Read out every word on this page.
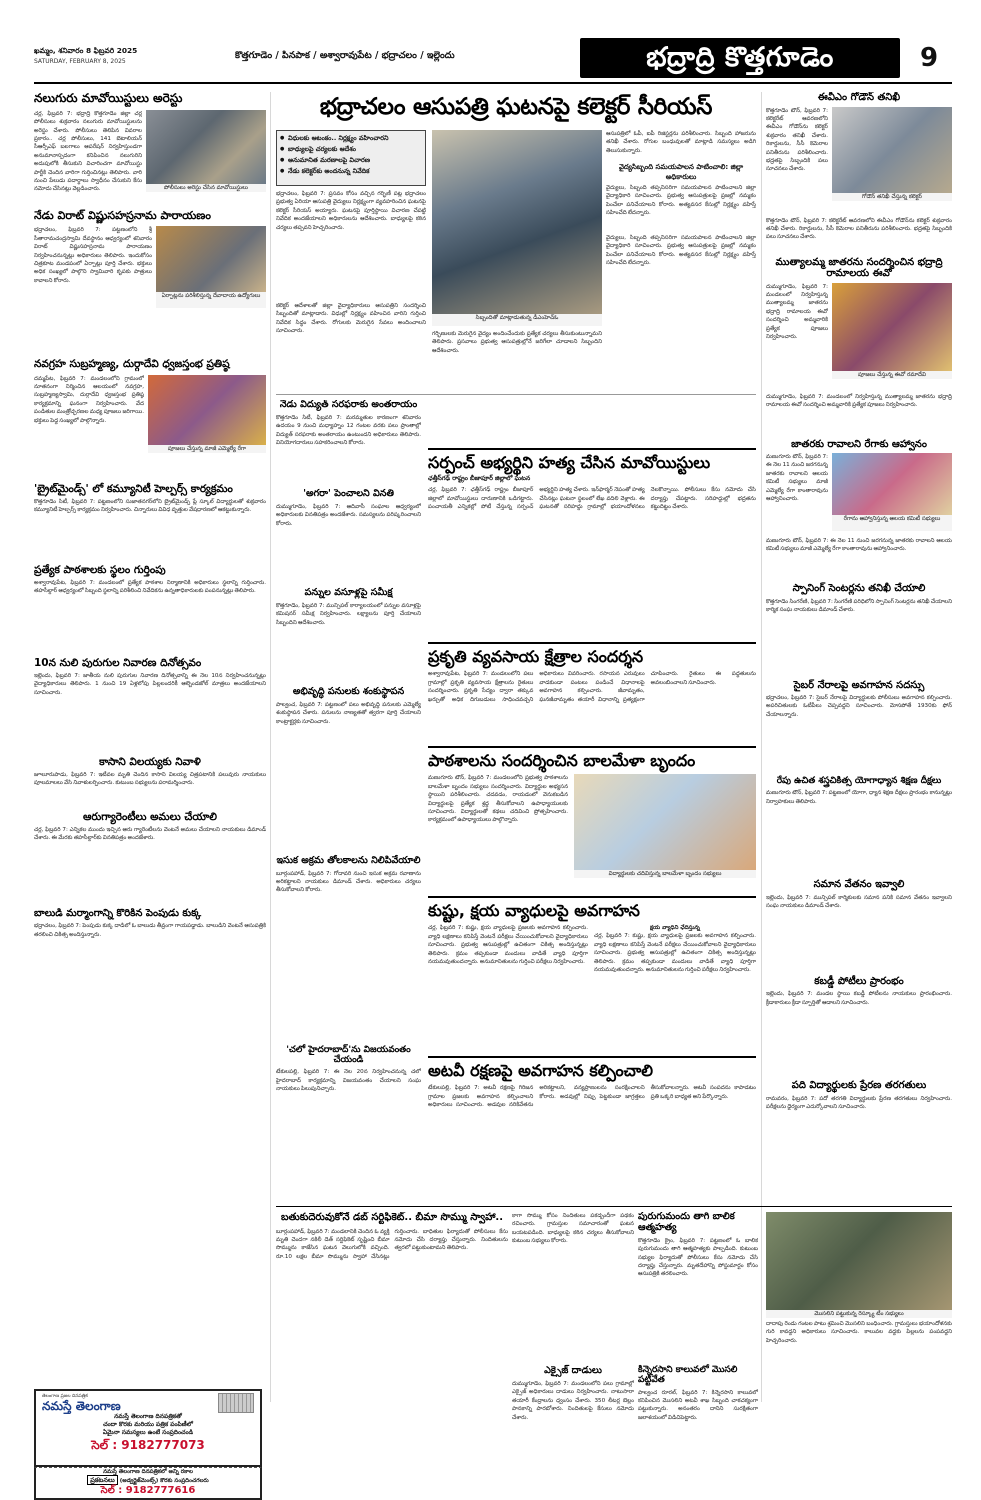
ఖమ్మం, శనివారం 8 ఫిబ్రవరి 2025
SATURDAY, FEBRUARY 8, 2025
కొత్తగూడెం / పినపాక / అశ్వారావుపేట / భద్రాచలం / ఇల్లెందు	భద్రాద్రి కొత్తగూడెం	9
నలుగురు మావోయిస్టులు అరెస్టు

చర్ల, ఫిబ్రవరి 7: భద్రాద్రి కొత్తగూడెం జిల్లా చర్ల పోలీసులు శుక్రవారం నలుగురు మావోయిస్టులను అరెస్టు చేశారు. పోలీసులు తెలిపిన వివరాల ప్రకారం.. చర్ల పోలీసులు, 141 బెటాలియన్ సీఆర్పీఎఫ్ బలగాలు ఆపరేషన్ నిర్వహిస్తుండగా అనుమానాస్పదంగా కనిపించిన నలుగురిని అదుపులోకి తీసుకుని విచారించగా మావోయిస్టు పార్టీకి చెందిన వారిగా గుర్తించినట్లు తెలిపారు. వారి నుంచి పేలుడు పదార్థాలు స్వాధీనం చేసుకుని కేసు నమోదు చేసినట్లు వెల్లడించారు.	పోలీసులు అరెస్టు చేసిన మావోయిస్టులు
నేడు విరాట్ విష్ణుసహస్రనామ పారాయణం

భద్రాచలం, ఫిబ్రవరి 7: పట్టణంలోని శ్రీ సీతారామచంద్రస్వామి దేవస్థానం ఆధ్వర్యంలో శనివారం విరాట్ విష్ణుసహస్రనామ పారాయణం నిర్వహించనున్నట్లు అధికారులు తెలిపారు. ఇందుకోసం చిత్రకూట మండపంలో ఏర్పాట్లు పూర్తి చేశారు. భక్తులు అధిక సంఖ్యలో పాల్గొని స్వామివారి కృపకు పాత్రులు కావాలని కోరారు.

ఏర్పాట్లను పరిశీలిస్తున్న దేవాదాయ ఉద్యోగులు
నవగ్రహ సుబ్రహ్మణ్య, దుర్గాదేవి ధ్వజస్తంభ ప్రతిష్ఠ

దమ్మపేట, ఫిబ్రవరి 7: మండలంలోని గ్రామంలో నూతనంగా నిర్మించిన ఆలయంలో నవగ్రహ, సుబ్రహ్మణ్యస్వామి, దుర్గాదేవి ధ్వజస్తంభ ప్రతిష్ఠ కార్యక్రమాన్ని ఘనంగా నిర్వహించారు. వేద పండితుల మంత్రోచ్ఛరణల మధ్య పూజలు జరిగాయి. భక్తులు పెద్ద సంఖ్యలో పాల్గొన్నారు.

పూజలు చేస్తున్న మాజీ ఎమ్మెల్యే రేగా
'బ్రైట్‌మైండ్స్' లో కమ్యూనిటీ హెల్పర్స్ కార్యక్రమం

కొత్తగూడెం సిటీ, ఫిబ్రవరి 7: పట్టణంలోని సుజాతనగర్‌లోని బ్రైట్‌మైండ్స్ ప్లే స్కూల్ విద్యార్థులతో శుక్రవారం కమ్యూనిటీ హెల్పర్స్ కార్యక్రమం నిర్వహించారు. చిన్నారులు వివిధ వృత్తుల వేషధారణలో ఆకట్టుకున్నారు.

ప్రత్యేక పాఠశాలకు స్థలం గుర్తింపు

అశ్వారావుపేట, ఫిబ్రవరి 7: మండలంలో ప్రత్యేక పాఠశాల నిర్మాణానికి అధికారులు స్థలాన్ని గుర్తించారు. తహసీల్దార్ ఆధ్వర్యంలో సిబ్బంది స్థలాన్ని పరిశీలించి నివేదికను ఉన్నతాధికారులకు పంపనున్నట్లు తెలిపారు.

10న నులి పురుగుల నివారణ దినోత్సవం

ఇల్లెందు, ఫిబ్రవరి 7: జాతీయ నులి పురుగుల నివారణ దినోత్సవాన్ని ఈ నెల 10న నిర్వహించనున్నట్లు వైద్యాధికారులు తెలిపారు. 1 నుంచి 19 ఏళ్లలోపు పిల్లలందరికీ ఆల్బెండజోల్ మాత్రలు అందజేయాలని సూచించారు.

కాసాని విలయ్యకు నివాళి

జూలూరుపాడు, ఫిబ్రవరి 7: ఇటీవల మృతి చెందిన కాసాని విలయ్య చిత్రపటానికి పలువురు నాయకులు పూలమాలలు వేసి నివాళులర్పించారు. కుటుంబ సభ్యులను పరామర్శించారు.

ఆరుగ్యారెంటీలు అమలు చేయాలి

చర్ల, ఫిబ్రవరి 7: ఎన్నికల ముందు ఇచ్చిన ఆరు గ్యారెంటీలను వెంటనే అమలు చేయాలని నాయకులు డిమాండ్ చేశారు. ఈ మేరకు తహసీల్దార్‌కు వినతిపత్రం అందజేశారు.

బాలుడి మర్మాంగాన్ని కొరికిన పెంపుడు కుక్క

భద్రాచలం, ఫిబ్రవరి 7: పెంపుడు కుక్క దాడిలో ఓ బాలుడు తీవ్రంగా గాయపడ్డాడు. బాలుడిని వెంటనే ఆసుపత్రికి తరలించి చికిత్స అందిస్తున్నారు.

తెలంగాణ ప్రజల దినపత్రిక
నమస్తే తెలంగాణ
నమస్తే తెలంగాణ దినపత్రికతో
చందా కొరకు మరియు పత్రిక పంపిణీలో
ఏమైనా సమస్యలు ఉంటే సంప్రదించండి
సెల్ : 9182777073
నమస్తే తెలంగాణ దినపత్రికలో అన్ని రకాల
ప్రకటనలు (అడ్వర్టైజ్‌మెంట్స్) కొరకు సంప్రదించగలరు
సెల్ : 9182777616
భద్రాచలం ఆసుపత్రి ఘటనపై కలెక్టర్ సీరియస్

● విధులకు ఆటంకం.. నిర్లక్ష్యం వహించారని

● బాధ్యులపై చర్యలకు ఆదేశం

● అనుమానిత మరణాలపై విచారణ

● నేడు కలెక్టర్‌కు అందనున్న నివేదిక

సిబ్బందితో మాట్లాడుతున్న డీఎంహెచ్‌ఓ

భద్రాచలం, ఫిబ్రవరి 7: ప్రసవం కోసం వచ్చిన గర్భిణీ పట్ల భద్రాచలం ప్రభుత్వ ఏరియా ఆసుపత్రి వైద్యులు నిర్లక్ష్యంగా వ్యవహరించిన ఘటనపై కలెక్టర్ సీరియస్ అయ్యారు. ఘటనపై పూర్తిస్థాయి విచారణ చేపట్టి నివేదిక అందజేయాలని అధికారులను ఆదేశించారు. బాధ్యులపై కఠిన చర్యలు తప్పవని హెచ్చరించారు.

కలెక్టర్ ఆదేశాలతో జిల్లా వైద్యాధికారులు ఆసుపత్రిని సందర్శించి సిబ్బందితో మాట్లాడారు. విధుల్లో నిర్లక్ష్యం వహించిన వారిని గుర్తించి నివేదిక సిద్ధం చేశారు. రోగులకు మెరుగైన సేవలు అందించాలని సూచించారు.

ఆసుపత్రిలో ఓపీ, ఐపీ రిజిస్టర్లను పరిశీలించారు. సిబ్బంది హాజరును తనిఖీ చేశారు. రోగుల బంధువులతో మాట్లాడి సమస్యలు అడిగి తెలుసుకున్నారు.

వైద్యసిబ్బంది సమయపాలన పాటించాలి: జిల్లా అధికారులు

వైద్యులు, సిబ్బంది తప్పనిసరిగా సమయపాలన పాటించాలని జిల్లా వైద్యాధికారి సూచించారు. ప్రభుత్వ ఆసుపత్రులపై ప్రజల్లో నమ్మకం పెంచేలా పనిచేయాలని కోరారు. అత్యవసర కేసుల్లో నిర్లక్ష్యం వహిస్తే సహించేది లేదన్నారు.

గర్భిణులకు మెరుగైన వైద్యం అందించేందుకు ప్రత్యేక చర్యలు తీసుకుంటున్నామని తెలిపారు. ప్రసవాలు ప్రభుత్వ ఆసుపత్రుల్లోనే జరిగేలా చూడాలని సిబ్బందిని ఆదేశించారు.

వైద్యులు, సిబ్బంది తప్పనిసరిగా సమయపాలన పాటించాలని జిల్లా వైద్యాధికారి సూచించారు. ప్రభుత్వ ఆసుపత్రులపై ప్రజల్లో నమ్మకం పెంచేలా పనిచేయాలని కోరారు. అత్యవసర కేసుల్లో నిర్లక్ష్యం వహిస్తే సహించేది లేదన్నారు.

నేడు విద్యుత్ సరఫరాకు అంతరాయం

కొత్తగూడెం సిటీ, ఫిబ్రవరి 7: మరమ్మతుల కారణంగా శనివారం ఉదయం 9 నుంచి మధ్యాహ్నం 12 గంటల వరకు పలు ప్రాంతాల్లో విద్యుత్ సరఫరాకు అంతరాయం ఉంటుందని అధికారులు తెలిపారు. వినియోగదారులు సహకరించాలని కోరారు.

'అగరా' పెంచాలని వినతి

దుమ్ముగూడెం, ఫిబ్రవరి 7: ఆదివాసీ సంఘాల ఆధ్వర్యంలో అధికారులకు వినతిపత్రం అందజేశారు. సమస్యలను పరిష్కరించాలని కోరారు.

పన్నుల వసూళ్లపై సమీక్ష

కొత్తగూడెం, ఫిబ్రవరి 7: మున్సిపల్ కార్యాలయంలో పన్నుల వసూళ్లపై కమిషనర్ సమీక్ష నిర్వహించారు. లక్ష్యాలను పూర్తి చేయాలని సిబ్బందిని ఆదేశించారు.

అభివృద్ధి పనులకు శంకుస్థాపన

పాల్వంచ, ఫిబ్రవరి 7: పట్టణంలో పలు అభివృద్ధి పనులకు ఎమ్మెల్యే శంకుస్థాపన చేశారు. పనులను నాణ్యతతో త్వరగా పూర్తి చేయాలని కాంట్రాక్టర్లకు సూచించారు.

ఇసుక అక్రమ తోలకాలను నిలిపివేయాలి

బూర్గంపహాడ్, ఫిబ్రవరి 7: గోదావరి నుంచి ఇసుక అక్రమ రవాణాను అరికట్టాలని నాయకులు డిమాండ్ చేశారు. అధికారులు చర్యలు తీసుకోవాలని కోరారు.

'చలో హైదరాబాద్'ను విజయవంతం చేయండి

టేకులపల్లి, ఫిబ్రవరి 7: ఈ నెల 20న నిర్వహించనున్న చలో హైదరాబాద్ కార్యక్రమాన్ని విజయవంతం చేయాలని సంఘ నాయకులు పిలుపునిచ్చారు.

సర్పంచ్ అభ్యర్థిని హత్య చేసిన మావోయిస్టులు
ఛత్తీస్‌గఢ్ రాష్ట్రం బీజాపూర్ జిల్లాలో ఘటన

చర్ల, ఫిబ్రవరి 7: ఛత్తీస్‌గఢ్ రాష్ట్రం బీజాపూర్ జిల్లాలో మావోయిస్టులు దారుణానికి ఒడిగట్టారు. పంచాయతీ ఎన్నికల్లో పోటీ చేస్తున్న సర్పంచ్ అభ్యర్థిని హత్య చేశారు. ఇన్‌ఫార్మర్ నెపంతో హత్య చేసినట్లు ఘటనా స్థలంలో లేఖ వదిలి వెళ్లారు. ఈ ఘటనతో సరిహద్దు గ్రామాల్లో భయాందోళనలు నెలకొన్నాయి. పోలీసులు కేసు నమోదు చేసి దర్యాప్తు చేపట్టారు. సరిహద్దుల్లో భద్రతను కట్టుదిట్టం చేశారు.

ప్రకృతి వ్యవసాయ క్షేత్రాల సందర్శన

అశ్వారావుపేట, ఫిబ్రవరి 7: మండలంలోని పలు గ్రామాల్లో ప్రకృతి వ్యవసాయ క్షేత్రాలను రైతులు సందర్శించారు. ప్రకృతి సేద్యం ద్వారా తక్కువ ఖర్చుతో అధిక దిగుబడులు సాధించవచ్చని అధికారులు వివరించారు. రసాయన ఎరువులు వాడకుండా పంటలు పండించే విధానాలపై అవగాహన కల్పించారు. జీవామృతం, ఘనజీవామృతం తయారీ విధానాన్ని ప్రత్యక్షంగా చూపించారు. రైతులు ఈ పద్ధతులను అవలంబించాలని సూచించారు.

పాఠశాలను సందర్శించిన బాలమేళా బృందం

మణుగూరు టౌన్, ఫిబ్రవరి 7: మండలంలోని ప్రభుత్వ పాఠశాలను బాలమేళా బృందం సభ్యులు సందర్శించారు. విద్యార్థుల అభ్యసన స్థాయిని పరిశీలించారు. చదవడం, రాయడంలో వెనుకబడిన విద్యార్థులపై ప్రత్యేక శ్రద్ధ తీసుకోవాలని ఉపాధ్యాయులకు సూచించారు. విద్యార్థులతో కథలు చదివించి ప్రోత్సహించారు. కార్యక్రమంలో ఉపాధ్యాయులు పాల్గొన్నారు.

విద్యార్థులకు చదివిస్తున్న బాలమేళా బృందం సభ్యులు
కుష్టు, క్షయ వ్యాధులపై అవగాహన

చర్ల, ఫిబ్రవరి 7: కుష్టు, క్షయ వ్యాధులపై ప్రజలకు అవగాహన కల్పించారు. వ్యాధి లక్షణాలు కనిపిస్తే వెంటనే పరీక్షలు చేయించుకోవాలని వైద్యాధికారులు సూచించారు. ప్రభుత్వ ఆసుపత్రుల్లో ఉచితంగా చికిత్స అందిస్తున్నట్లు తెలిపారు. క్రమం తప్పకుండా మందులు వాడితే వ్యాధి పూర్తిగా నయమవుతుందన్నారు. అనుమానితులను గుర్తించి పరీక్షలు నిర్వహించారు.

క్షయ వ్యాధిని ఛేదిస్తున్న

చర్ల, ఫిబ్రవరి 7: కుష్టు, క్షయ వ్యాధులపై ప్రజలకు అవగాహన కల్పించారు. వ్యాధి లక్షణాలు కనిపిస్తే వెంటనే పరీక్షలు చేయించుకోవాలని వైద్యాధికారులు సూచించారు. ప్రభుత్వ ఆసుపత్రుల్లో ఉచితంగా చికిత్స అందిస్తున్నట్లు తెలిపారు. క్రమం తప్పకుండా మందులు వాడితే వ్యాధి పూర్తిగా నయమవుతుందన్నారు. అనుమానితులను గుర్తించి పరీక్షలు నిర్వహించారు.

అటవీ రక్షణపై అవగాహన కల్పించాలి

టేకులపల్లి, ఫిబ్రవరి 7: అటవీ రక్షణపై గిరిజన గ్రామాల ప్రజలకు అవగాహన కల్పించాలని అధికారులు సూచించారు. అడవుల నరికివేతను అరికట్టాలని, వన్యప్రాణులను సంరక్షించాలని కోరారు. అడవుల్లో నిప్పు పెట్టకుండా జాగ్రత్తలు తీసుకోవాలన్నారు. అటవీ సంపదను కాపాడటం ప్రతి ఒక్కరి బాధ్యత అని పేర్కొన్నారు.

ఈవీఎం గోడౌన్ తనిఖీ

కొత్తగూడెం టౌన్, ఫిబ్రవరి 7: కలెక్టరేట్ ఆవరణలోని ఈవీఎం గోడౌన్‌ను కలెక్టర్ శుక్రవారం తనిఖీ చేశారు. రికార్డులను, సీసీ కెమెరాల పనితీరును పరిశీలించారు. భద్రతపై సిబ్బందికి పలు సూచనలు చేశారు.

గోడౌన్ తనిఖీ చేస్తున్న కలెక్టర్

కొత్తగూడెం టౌన్, ఫిబ్రవరి 7: కలెక్టరేట్ ఆవరణలోని ఈవీఎం గోడౌన్‌ను కలెక్టర్ శుక్రవారం తనిఖీ చేశారు. రికార్డులను, సీసీ కెమెరాల పనితీరును పరిశీలించారు. భద్రతపై సిబ్బందికి పలు సూచనలు చేశారు.

ముత్యాలమ్మ జాతరను సందర్శించిన భద్రాద్రి రామాలయ ఈవో

దుమ్ముగూడెం, ఫిబ్రవరి 7: మండలంలో నిర్వహిస్తున్న ముత్యాలమ్మ జాతరను భద్రాద్రి రామాలయ ఈవో సందర్శించి అమ్మవారికి ప్రత్యేక పూజలు నిర్వహించారు.

పూజలు చేస్తున్న ఈవో రమాదేవి

దుమ్ముగూడెం, ఫిబ్రవరి 7: మండలంలో నిర్వహిస్తున్న ముత్యాలమ్మ జాతరను భద్రాద్రి రామాలయ ఈవో సందర్శించి అమ్మవారికి ప్రత్యేక పూజలు నిర్వహించారు.

జాతరకు రావాలని రేగాకు ఆహ్వానం

మణుగూరు టౌన్, ఫిబ్రవరి 7: ఈ నెల 11 నుంచి జరగనున్న జాతరకు రావాలని ఆలయ కమిటీ సభ్యులు మాజీ ఎమ్మెల్యే రేగా కాంతారావును ఆహ్వానించారు.

రేగాను ఆహ్వానిస్తున్న ఆలయ కమిటీ సభ్యులు

మణుగూరు టౌన్, ఫిబ్రవరి 7: ఈ నెల 11 నుంచి జరగనున్న జాతరకు రావాలని ఆలయ కమిటీ సభ్యులు మాజీ ఎమ్మెల్యే రేగా కాంతారావును ఆహ్వానించారు.

స్పానింగ్ సెంటర్లను తనిఖీ చేయాలి

కొత్తగూడెం సింగరేణి, ఫిబ్రవరి 7: సింగరేణి పరిధిలోని స్పానింగ్ సెంటర్లను తనిఖీ చేయాలని కార్మిక సంఘ నాయకులు డిమాండ్ చేశారు.

సైబర్ నేరాలపై అవగాహన సదస్సు

భద్రాచలం, ఫిబ్రవరి 7: సైబర్ నేరాలపై విద్యార్థులకు పోలీసులు అవగాహన కల్పించారు. అపరిచితులకు ఓటీపీలు చెప్పవద్దని సూచించారు. మోసపోతే 1930కు ఫోన్ చేయాలన్నారు.

రేపు ఉచిత శస్త్రచికిత్స యోగాధ్యాన శిక్షణ దీక్షలు

మణుగూరు టౌన్, ఫిబ్రవరి 7: పట్టణంలో యోగా, ధ్యాన శిక్షణ దీక్షలు ప్రారంభం కానున్నట్లు నిర్వాహకులు తెలిపారు.

సమాన వేతనం ఇవ్వాలి

ఇల్లెందు, ఫిబ్రవరి 7: మున్సిపల్ కార్మికులకు సమాన పనికి సమాన వేతనం ఇవ్వాలని సంఘ నాయకులు డిమాండ్ చేశారు.

కబడ్డీ పోటీలు ప్రారంభం

ఇల్లెందు, ఫిబ్రవరి 7: మండల స్థాయి కబడ్డీ పోటీలను నాయకులు ప్రారంభించారు. క్రీడాకారులు క్రీడా స్ఫూర్తితో ఆడాలని సూచించారు.

పది విద్యార్థులకు ప్రేరణ తరగతులు

రామవరం, ఫిబ్రవరి 7: పదో తరగతి విద్యార్థులకు ప్రేరణ తరగతులు నిర్వహించారు. పరీక్షలను ధైర్యంగా ఎదుర్కోవాలని సూచించారు.

బతుకుదెరువుకోనే డబ్ సర్టిఫికెట్.. బీమా సొమ్ము స్వాహా..

బూర్గంపహాడ్, ఫిబ్రవరి 7: మండలానికి చెందిన ఓ వ్యక్తి మృతి చెందగా నకిలీ డెత్ సర్టిఫికెట్ సృష్టించి బీమా సొమ్మును కాజేసిన ఘటన వెలుగులోకి వచ్చింది. రూ.10 లక్షల బీమా సొమ్మును స్వాహా చేసినట్లు గుర్తించారు. బాధితుల ఫిర్యాదుతో పోలీసులు కేసు నమోదు చేసి దర్యాప్తు చేస్తున్నారు. నిందితులను త్వరలో పట్టుకుంటామని తెలిపారు.

కాగా సొమ్ము కోసం నిందితులు పకడ్బందీగా పథకం రచించారు. గ్రామస్తుల సమాచారంతో ఘటన బయటపడింది. బాధ్యులపై కఠిన చర్యలు తీసుకోవాలని కుటుంబ సభ్యులు కోరారు.

ఎక్సైజ్ దాడులు

దుమ్ముగూడెం, ఫిబ్రవరి 7: మండలంలోని పలు గ్రామాల్లో ఎక్సైజ్ అధికారులు దాడులు నిర్వహించారు. నాటుసారా తయారీ కేంద్రాలను ధ్వంసం చేశారు. 350 లీటర్ల బెల్లం పానకాన్ని పారబోశారు. నిందితులపై కేసులు నమోదు చేశారు.

పురుగుమందు తాగి బాలిక ఆత్మహత్య

కొత్తగూడెం క్రైం, ఫిబ్రవరి 7: పట్టణంలో ఓ బాలిక పురుగుమందు తాగి ఆత్మహత్యకు పాల్పడింది. కుటుంబ సభ్యుల ఫిర్యాదుతో పోలీసులు కేసు నమోదు చేసి దర్యాప్తు చేస్తున్నారు. మృతదేహాన్ని పోస్టుమార్టం కోసం ఆసుపత్రికి తరలించారు.

కిన్నెరసాని కాలువలో మొసలి పట్టివేత

పాల్వంచ రూరల్, ఫిబ్రవరి 7: కిన్నెరసాని కాలువలో కనిపించిన మొసలిని అటవీ శాఖ సిబ్బంది చాకచక్యంగా పట్టుకున్నారు. అనంతరం దానిని సురక్షితంగా జలాశయంలో విడిచిపెట్టారు.

మొసలిని పట్టుకున్న రెస్క్యూ టీం సభ్యులు

దాదాపు రెండు గంటల పాటు శ్రమించి మొసలిని బంధించారు. గ్రామస్తులు భయాందోళనకు గురి కావద్దని అధికారులు సూచించారు. కాలువల వద్దకు పిల్లలను పంపవద్దని హెచ్చరించారు.
